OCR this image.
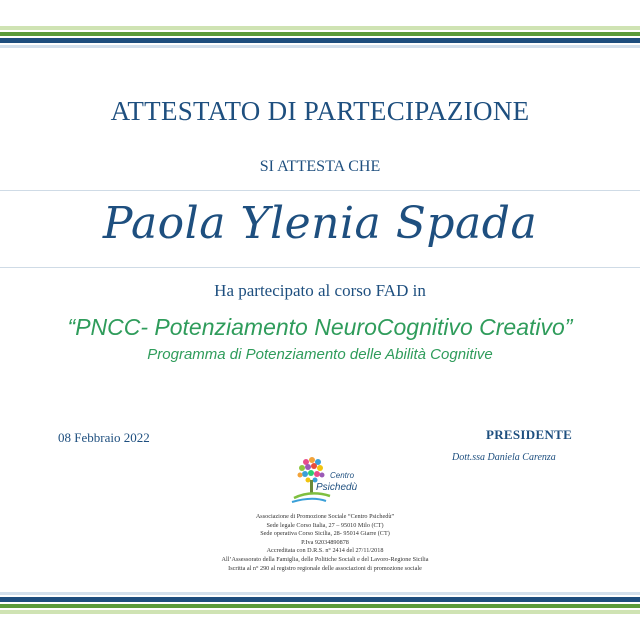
ATTESTATO DI PARTECIPAZIONE
SI ATTESTA CHE
Paola Ylenia Spada
Ha partecipato al corso FAD in
“PNCC- Potenziamento NeuroCognitivo Creativo”
Programma di Potenziamento delle Abilità Cognitive
08 Febbraio 2022	PRESIDENTE
Dott.ssa Daniela Carenza
Centro
Psichedù
Associazione di Promozione Sociale “Centro Psichedù”
Sede legale Corso Italia, 27 – 95010 Milo (CT)
Sede operativa Corso Sicilia, 28- 95014 Giarre (CT)
P.Iva 92034890878
Accreditata con D.R.S. n° 2414 del 27/11/2018
All’Assessorato della Famiglia, delle Politiche Sociali e del Lavoro-Regione Sicilia
Iscritta al n° 290 al registro regionale delle associazioni di promozione sociale
